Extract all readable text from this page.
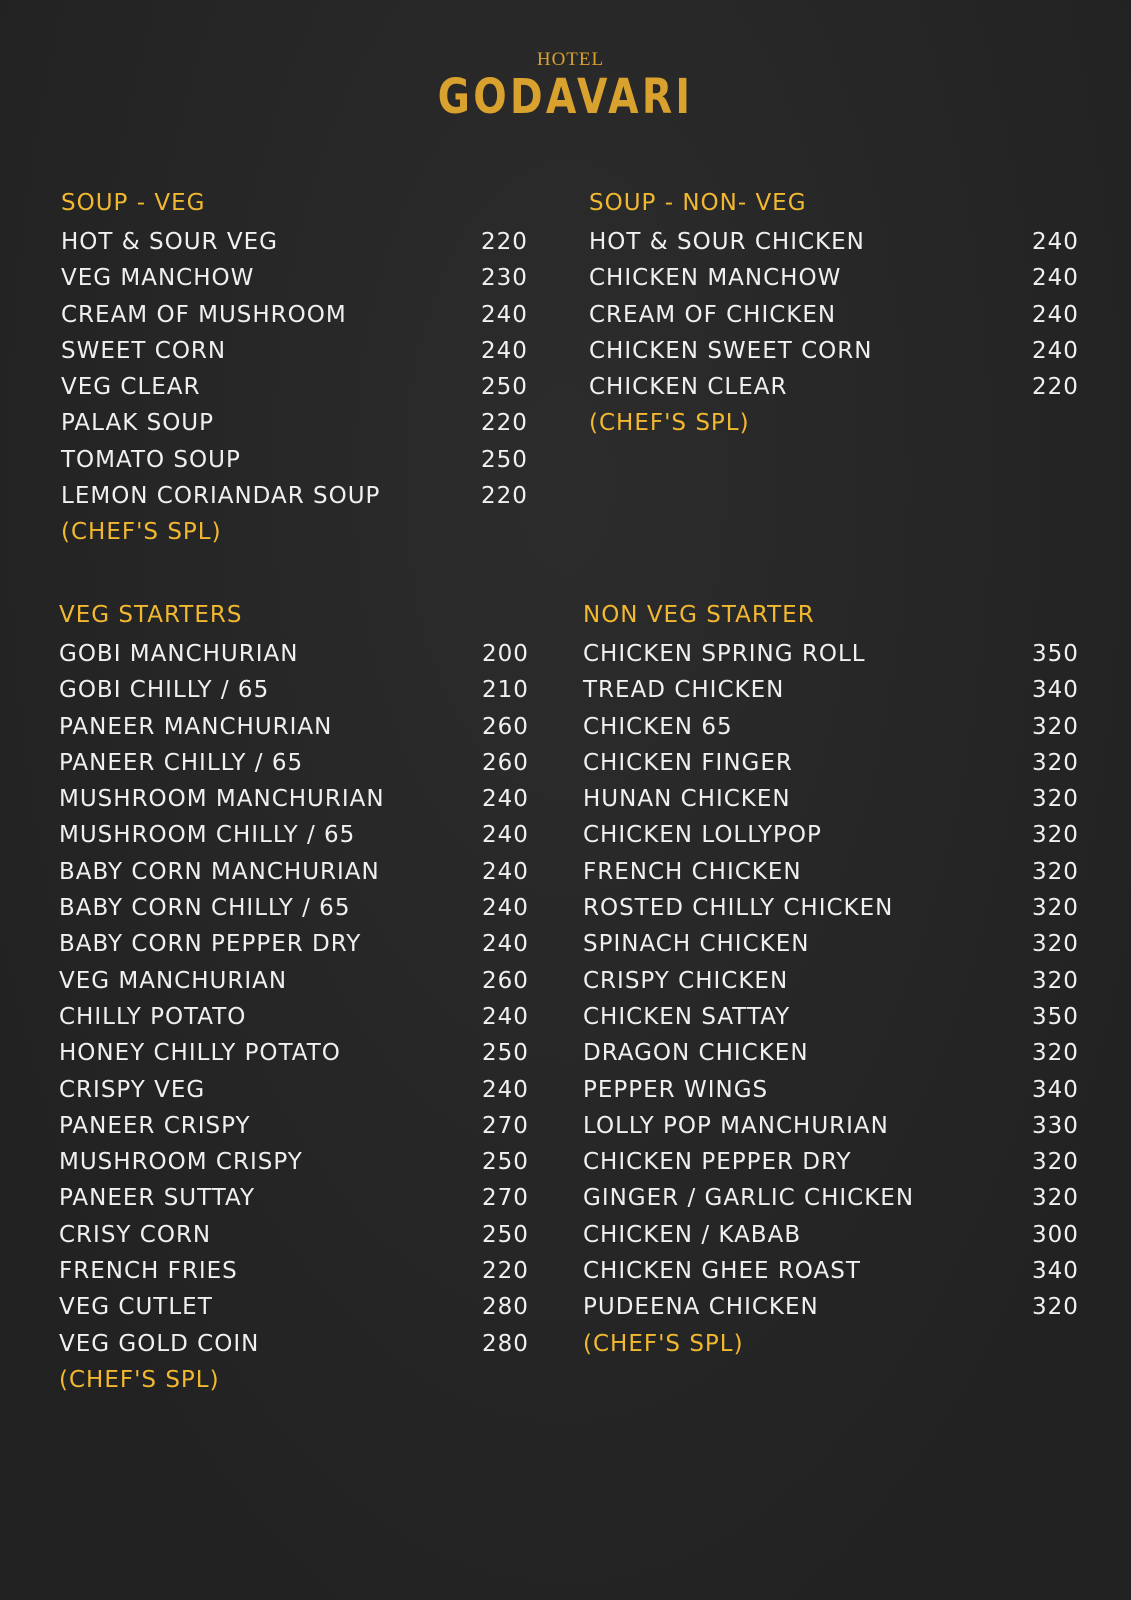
HOTEL
GODAVARI
SOUP - VEG
HOT & SOUR VEG	220
VEG MANCHOW	230
CREAM OF MUSHROOM	240
SWEET CORN	240
VEG CLEAR	250
PALAK SOUP	220
TOMATO SOUP	250
LEMON CORIANDAR SOUP	220
(CHEF'S SPL)
SOUP - NON- VEG
HOT & SOUR CHICKEN	240
CHICKEN MANCHOW	240
CREAM OF CHICKEN	240
CHICKEN SWEET CORN	240
CHICKEN CLEAR	220
(CHEF'S SPL)
VEG STARTERS
GOBI MANCHURIAN	200
GOBI CHILLY / 65	210
PANEER MANCHURIAN	260
PANEER CHILLY / 65	260
MUSHROOM MANCHURIAN	240
MUSHROOM CHILLY / 65	240
BABY CORN MANCHURIAN	240
BABY CORN CHILLY / 65	240
BABY CORN PEPPER DRY	240
VEG MANCHURIAN	260
CHILLY POTATO	240
HONEY CHILLY POTATO	250
CRISPY VEG	240
PANEER CRISPY	270
MUSHROOM CRISPY	250
PANEER SUTTAY	270
CRISY CORN	250
FRENCH FRIES	220
VEG CUTLET	280
VEG GOLD COIN	280
(CHEF'S SPL)
NON VEG STARTER
CHICKEN SPRING ROLL	350
TREAD CHICKEN	340
CHICKEN 65	320
CHICKEN FINGER	320
HUNAN CHICKEN	320
CHICKEN LOLLYPOP	320
FRENCH CHICKEN	320
ROSTED CHILLY CHICKEN	320
SPINACH CHICKEN	320
CRISPY CHICKEN	320
CHICKEN SATTAY	350
DRAGON CHICKEN	320
PEPPER WINGS	340
LOLLY POP MANCHURIAN	330
CHICKEN PEPPER DRY	320
GINGER / GARLIC CHICKEN	320
CHICKEN / KABAB	300
CHICKEN GHEE ROAST	340
PUDEENA CHICKEN	320
(CHEF'S SPL)
